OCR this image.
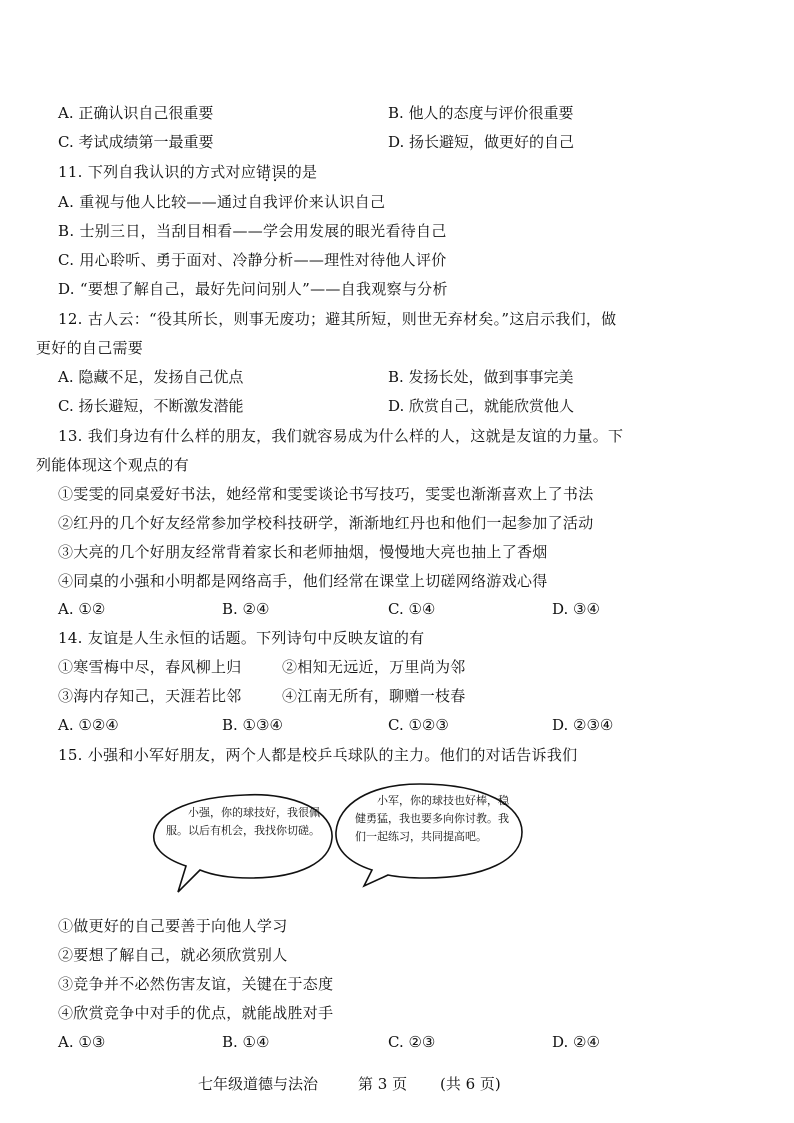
A. 正确认识自己很重要	B. 他人的态度与评价很重要
C. 考试成绩第一最重要	D. 扬长避短，做更好的自己
11. 下列自我认识的方式对应错误 • •的是
A. 重视与他人比较——通过自我评价来认识自己
B. 士别三日，当刮目相看——学会用发展的眼光看待自己
C. 用心聆听、勇于面对、冷静分析——理性对待他人评价
D. “要想了解自己，最好先问问别人”——自我观察与分析
12. 古人云：“役其所长，则事无废功；避其所短，则世无弃材矣。”这启示我们，做
更好的自己需要
A. 隐藏不足，发扬自己优点	B. 发扬长处，做到事事完美
C. 扬长避短，不断激发潜能	D. 欣赏自己，就能欣赏他人
13. 我们身边有什么样的朋友，我们就容易成为什么样的人，这就是友谊的力量。下
列能体现这个观点的有
①雯雯的同桌爱好书法，她经常和雯雯谈论书写技巧，雯雯也渐渐喜欢上了书法
②红丹的几个好友经常参加学校科技研学，渐渐地红丹也和他们一起参加了活动
③大亮的几个好朋友经常背着家长和老师抽烟，慢慢地大亮也抽上了香烟
④同桌的小强和小明都是网络高手，他们经常在课堂上切磋网络游戏心得
A. ①②	B. ②④	C. ①④	D. ③④
14. 友谊是人生永恒的话题。下列诗句中反映友谊的有
①寒雪梅中尽，春风柳上归	②相知无远近，万里尚为邻
③海内存知己，天涯若比邻	④江南无所有，聊赠一枝春
A. ①②④	B. ①③④	C. ①②③	D. ②③④
15. 小强和小军好朋友，两个人都是校乒乓球队的主力。他们的对话告诉我们
小强，你的球技好，我很佩服。以后有机会，我找你切磋。
小军，你的球技也好棒，稳健勇猛，我也要多向你讨教。我们一起练习，共同提高吧。
①做更好的自己要善于向他人学习
②要想了解自己，就必须欣赏别人
③竞争并不必然伤害友谊，关键在于态度
④欣赏竞争中对手的优点，就能战胜对手
A. ①③	B. ①④	C. ②③	D. ②④
七年级道德与法治	第 3 页 (共 6 页)
